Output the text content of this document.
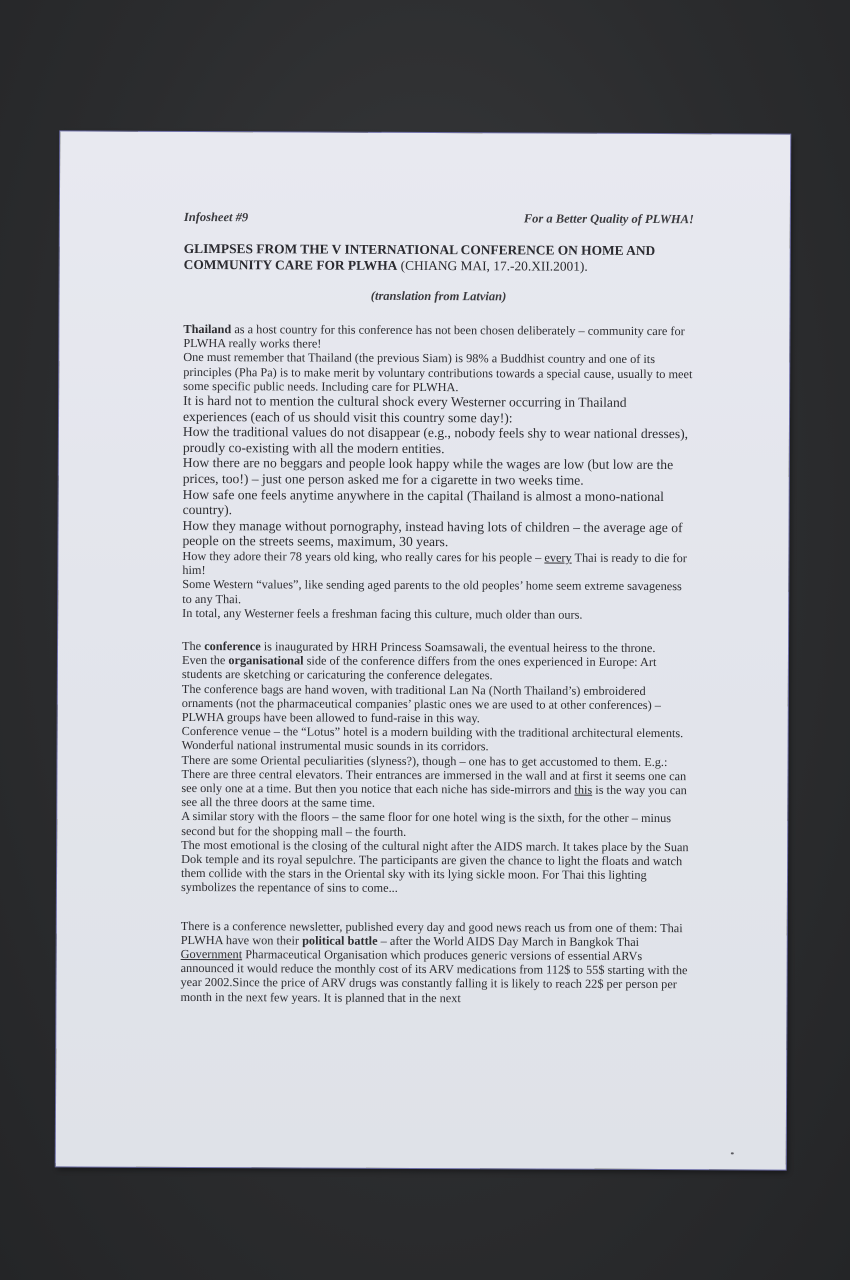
Infosheet #9	For a Better Quality of PLWHA!
GLIMPSES FROM THE V INTERNATIONAL CONFERENCE ON HOME AND COMMUNITY CARE FOR PLWHA (CHIANG MAI, 17.-20.XII.2001).
(translation from Latvian)

Thailand as a host country for this conference has not been chosen deliberately – community care for PLWHA really works there!

One must remember that Thailand (the previous Siam) is 98% a Buddhist country and one of its principles (Pha Pa) is to make merit by voluntary contributions towards a special cause, usually to meet some specific public needs. Including care for PLWHA.

It is hard not to mention the cultural shock every Westerner occurring in Thailand experiences (each of us should visit this country some day!):

How the traditional values do not disappear (e.g., nobody feels shy to wear national dresses), proudly co-existing with all the modern entities.

How there are no beggars and people look happy while the wages are low (but low are the prices, too!) – just one person asked me for a cigarette in two weeks time.

How safe one feels anytime anywhere in the capital (Thailand is almost a mono-national country).

How they manage without pornography, instead having lots of children – the average age of people on the streets seems, maximum, 30 years.

How they adore their 78 years old king, who really cares for his people – every Thai is ready to die for him!

Some Western “values”, like sending aged parents to the old peoples’ home seem extreme savageness to any Thai.

In total, any Westerner feels a freshman facing this culture, much older than ours.

The conference is inaugurated by HRH Princess Soamsawali, the eventual heiress to the throne.

Even the organisational side of the conference differs from the ones experienced in Europe: Art students are sketching or caricaturing the conference delegates.

The conference bags are hand woven, with traditional Lan Na (North Thailand’s) embroidered ornaments (not the pharmaceutical companies’ plastic ones we are used to at other conferences) – PLWHA groups have been allowed to fund-raise in this way.

Conference venue – the “Lotus” hotel is a modern building with the traditional architectural elements. Wonderful national instrumental music sounds in its corridors.

There are some Oriental peculiarities (slyness?), though – one has to get accustomed to them. E.g.: There are three central elevators. Their entrances are immersed in the wall and at first it seems one can see only one at a time. But then you notice that each niche has side-mirrors and this is the way you can see all the three doors at the same time.

A similar story with the floors – the same floor for one hotel wing is the sixth, for the other – minus second but for the shopping mall – the fourth.

The most emotional is the closing of the cultural night after the AIDS march. It takes place by the Suan Dok temple and its royal sepulchre. The participants are given the chance to light the floats and watch them collide with the stars in the Oriental sky with its lying sickle moon. For Thai this lighting symbolizes the repentance of sins to come...

There is a conference newsletter, published every day and good news reach us from one of them: Thai PLWHA have won their political battle – after the World AIDS Day March in Bangkok Thai Government Pharmaceutical Organisation which produces generic versions of essential ARVs announced it would reduce the monthly cost of its ARV medications from 112$ to 55$ starting with the year 2002.Since the price of ARV drugs was constantly falling it is likely to reach 22$ per person per month in the next few years. It is planned that in the next
